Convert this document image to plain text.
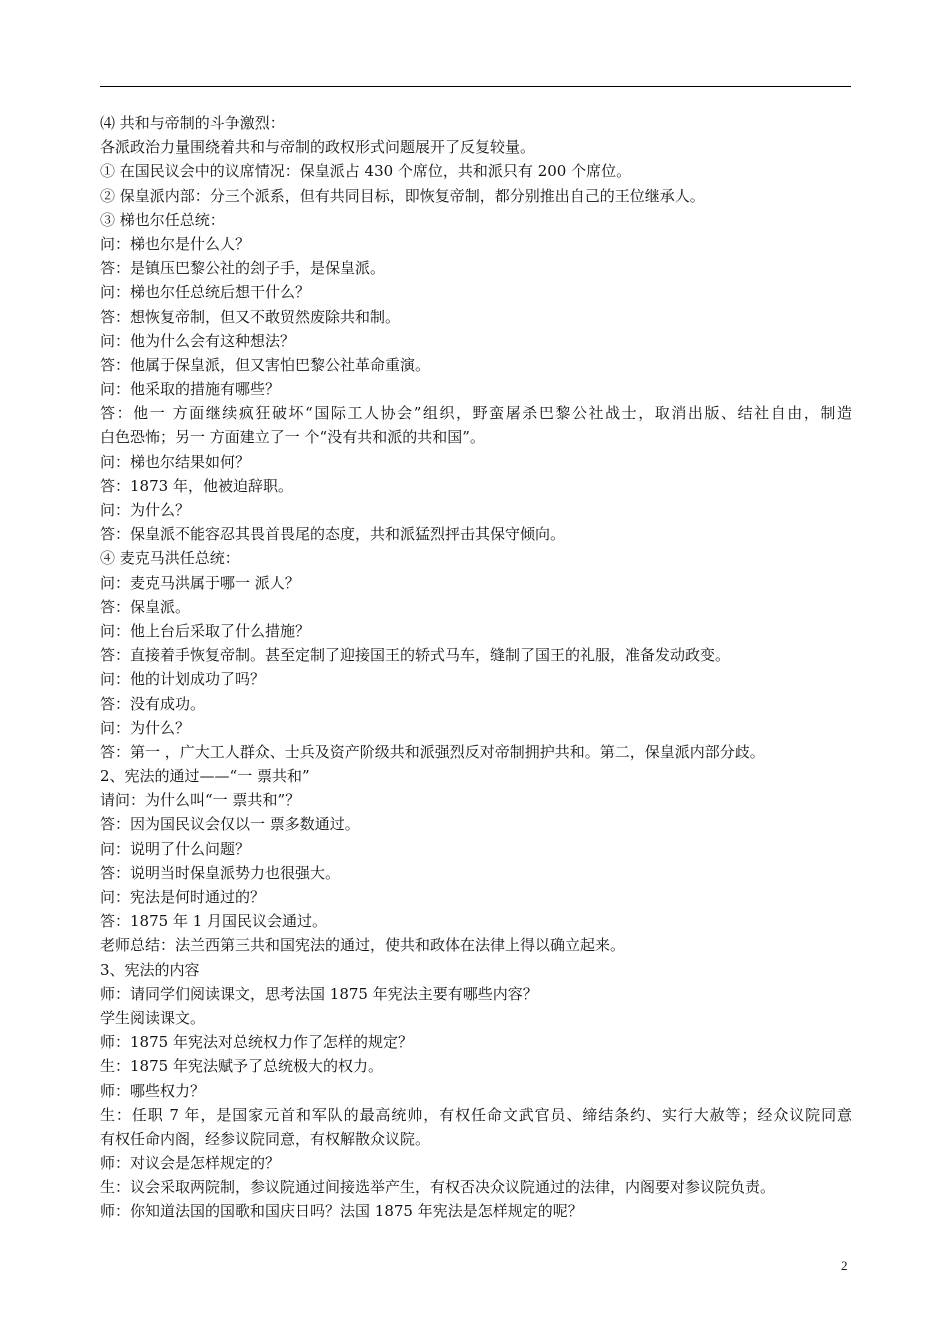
⑷ 共和与帝制的斗争激烈：
各派政治力量围绕着共和与帝制的政权形式问题展开了反复较量。
① 在国民议会中的议席情况：保皇派占 430 个席位，共和派只有 200 个席位。
② 保皇派内部：分三个派系，但有共同目标，即恢复帝制，都分别推出自己的王位继承人。
③ 梯也尔任总统：
问：梯也尔是什么人？
答：是镇压巴黎公社的刽子手，是保皇派。
问：梯也尔任总统后想干什么？
答：想恢复帝制，但又不敢贸然废除共和制。
问：他为什么会有这种想法？
答：他属于保皇派，但又害怕巴黎公社革命重演。
问：他采取的措施有哪些？
答：他一 方面继续疯狂破坏“国际工人协会”组织，野蛮屠杀巴黎公社战士，取消出版、结社自由，制造
白色恐怖；另一 方面建立了一 个“没有共和派的共和国”。
问：梯也尔结果如何？
答：1873 年，他被迫辞职。
问：为什么？
答：保皇派不能容忍其畏首畏尾的态度，共和派猛烈抨击其保守倾向。
④ 麦克马洪任总统：
问：麦克马洪属于哪一 派人？
答：保皇派。
问：他上台后采取了什么措施？
答：直接着手恢复帝制。甚至定制了迎接国王的轿式马车，缝制了国王的礼服，准备发动政变。
问：他的计划成功了吗？
答：没有成功。
问：为什么？
答：第一 ，广大工人群众、士兵及资产阶级共和派强烈反对帝制拥护共和。第二，保皇派内部分歧。
2、宪法的通过——“一 票共和”
请问：为什么叫“一 票共和”？
答：因为国民议会仅以一 票多数通过。
问：说明了什么问题？
答：说明当时保皇派势力也很强大。
问：宪法是何时通过的？
答：1875 年 1 月国民议会通过。
老师总结：法兰西第三共和国宪法的通过，使共和政体在法律上得以确立起来。
3、宪法的内容
师：请同学们阅读课文，思考法国 1875 年宪法主要有哪些内容？
学生阅读课文。
师：1875 年宪法对总统权力作了怎样的规定？
生：1875 年宪法赋予了总统极大的权力。
师：哪些权力？
生：任职 7 年，是国家元首和军队的最高统帅，有权任命文武官员、缔结条约、实行大赦等；经众议院同意
有权任命内阁，经参议院同意，有权解散众议院。
师：对议会是怎样规定的？
生：议会采取两院制，参议院通过间接选举产生，有权否决众议院通过的法律，内阁要对参议院负责。
师：你知道法国的国歌和国庆日吗？法国 1875 年宪法是怎样规定的呢？
2
